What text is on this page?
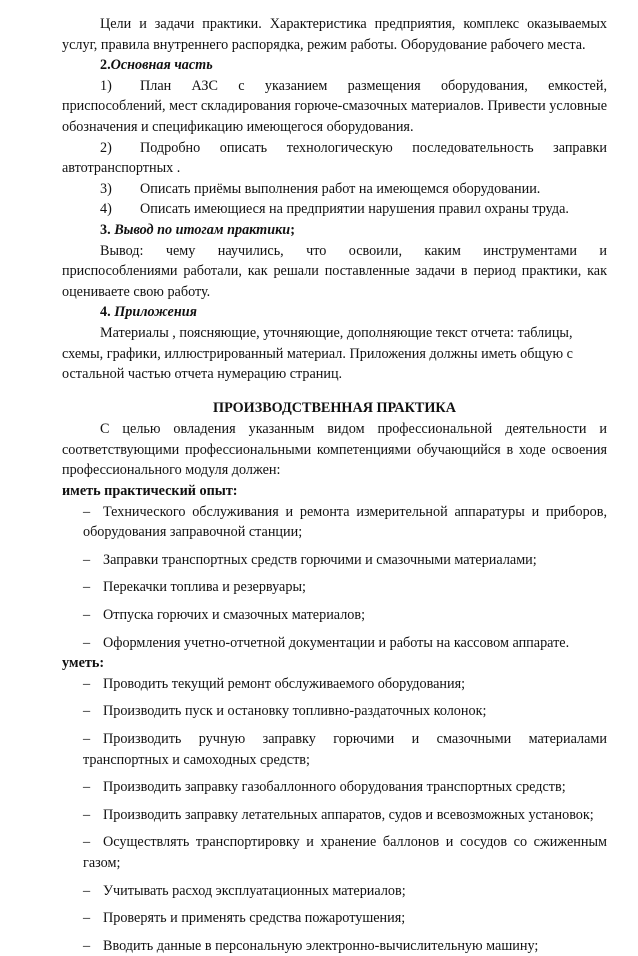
Цели и задачи практики. Характеристика предприятия, комплекс оказываемых

услуг, правила внутреннего распорядка, режим работы. Оборудование рабочего места.

2.Основная часть

1) План АЗС с указанием размещения оборудования, емкостей,

приспособлений, мест складирования горюче-смазочных материалов. Привести условные обозначения и спецификацию имеющегося оборудования.

2) Подробно описать технологическую последовательность заправки

автотранспортных .

3) Описать приёмы выполнения работ на имеющемся оборудовании.

4) Описать имеющиеся на предприятии нарушения правил охраны труда.

3. Вывод по итогам практики;

Вывод: чему научились, что освоили, каким инструментами и

приспособлениями работали, как решали поставленные задачи в период практики, как оцениваете свою работу.

4. Приложения

Материалы , поясняющие, уточняющие, дополняющие текст отчета: таблицы,

схемы, графики, иллюстрированный материал. Приложения должны иметь общую с остальной частью отчета нумерацию страниц.

ПРОИЗВОДСТВЕННАЯ ПРАКТИКА

С целью овладения указанным видом профессиональной деятельности и соответствующими профессиональными компетенциями обучающийся в ходе освоения профессионального модуля должен:

иметь практический опыт:

– Технического обслуживания и ремонта измерительной аппаратуры и приборов, оборудования заправочной станции;

– Заправки транспортных средств горючими и смазочными материалами;

– Перекачки топлива и резервуары;

– Отпуска горючих и смазочных материалов;

– Оформления учетно-отчетной документации и работы на кассовом аппарате.

уметь:

– Проводить текущий ремонт обслуживаемого оборудования;

– Производить пуск и остановку топливно-раздаточных колонок;

– Производить ручную заправку горючими и смазочными материалами транспортных и самоходных средств;

– Производить заправку газобаллонного оборудования транспортных средств;

– Производить заправку летательных аппаратов, судов и всевозможных установок;

– Осуществлять транспортировку и хранение баллонов и сосудов со сжиженным газом;

– Учитывать расход эксплуатационных материалов;

– Проверять и применять средства пожаротушения;

– Вводить данные в персональную электронно-вычислительную машину;
